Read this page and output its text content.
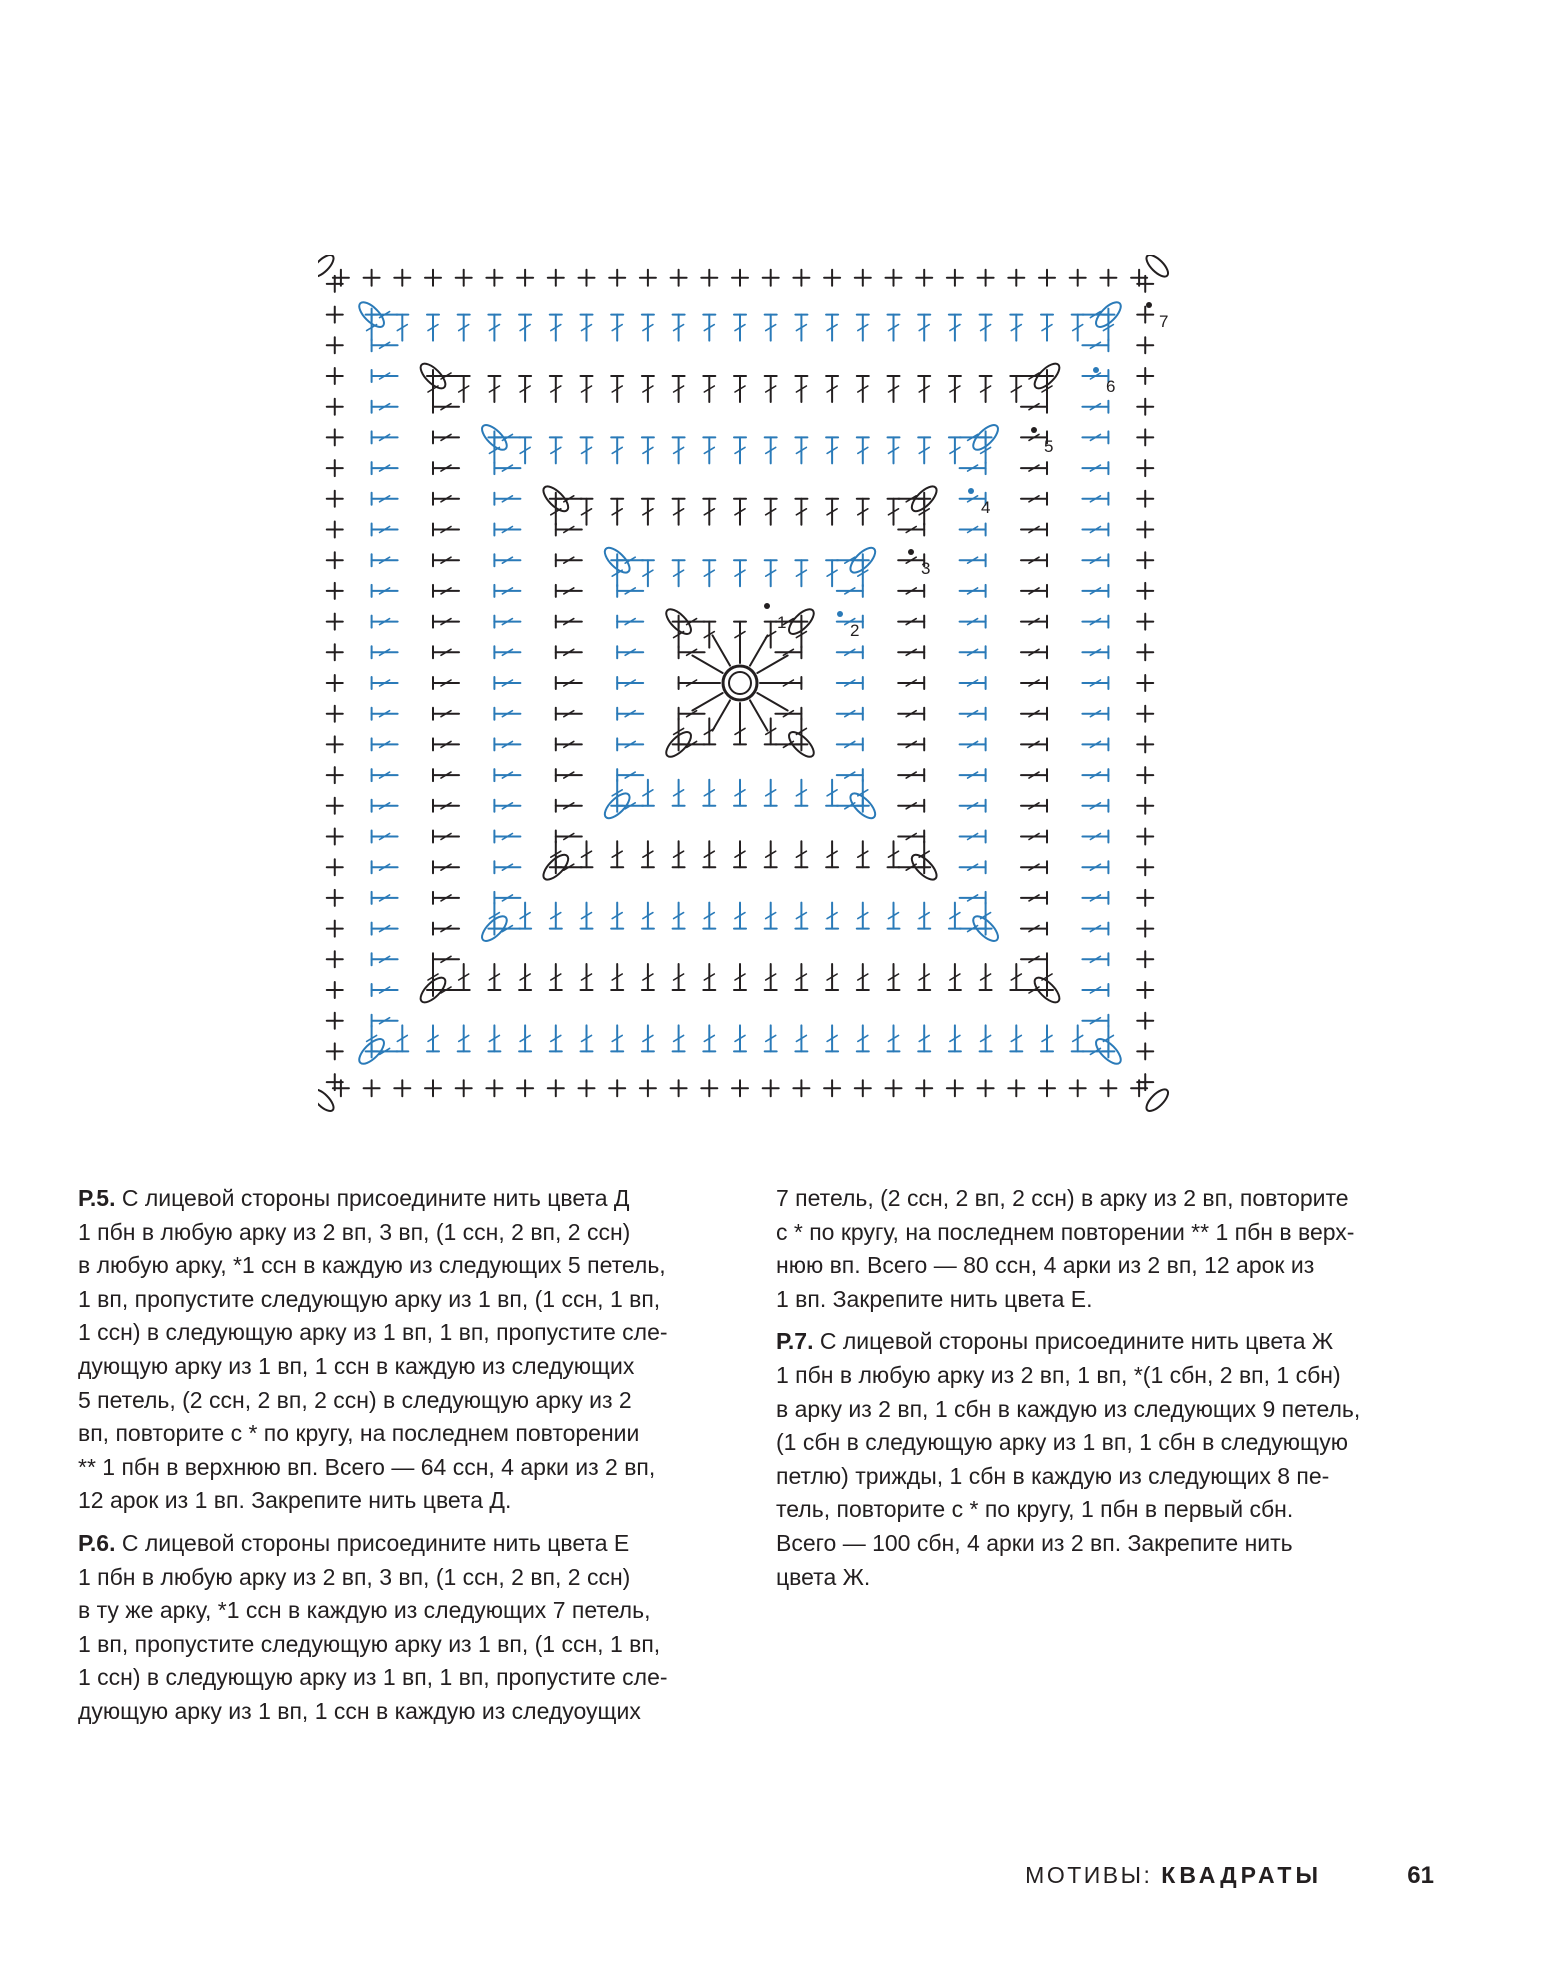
1	2
3
4
5
6
7
Р.5. С лицевой стороны присоедините нить цвета Д
1 пбн в любую арку из 2 вп, 3 вп, (1 ссн, 2 вп, 2 ссн)
в любую арку, *1 ссн в каждую из следующих 5 петель,
1 вп, пропустите следующую арку из 1 вп, (1 ссн, 1 вп,
1 ссн) в следующую арку из 1 вп, 1 вп, пропустите сле-
дующую арку из 1 вп, 1 ссн в каждую из следующих
5 петель, (2 ссн, 2 вп, 2 ссн) в следующую арку из 2
вп, повторите с * по кругу, на последнем повторении
** 1 пбн в верхнюю вп. Всего — 64 ссн, 4 арки из 2 вп,
12 арок из 1 вп. Закрепите нить цвета Д.
Р.6. С лицевой стороны присоедините нить цвета Е
1 пбн в любую арку из 2 вп, 3 вп, (1 ссн, 2 вп, 2 ссн)
в ту же арку, *1 ссн в каждую из следующих 7 петель,
1 вп, пропустите следующую арку из 1 вп, (1 ссн, 1 вп,
1 ссн) в следующую арку из 1 вп, 1 вп, пропустите сле-
дующую арку из 1 вп, 1 ссн в каждую из следуоущих
7 петель, (2 ссн, 2 вп, 2 ссн) в арку из 2 вп, повторите
с * по кругу, на последнем повторении ** 1 пбн в верх-
нюю вп. Всего — 80 ссн, 4 арки из 2 вп, 12 арок из
1 вп. Закрепите нить цвета Е.
Р.7. С лицевой стороны присоедините нить цвета Ж
1 пбн в любую арку из 2 вп, 1 вп, *(1 сбн, 2 вп, 1 сбн)
в арку из 2 вп, 1 сбн в каждую из следующих 9 петель,
(1 сбн в следующую арку из 1 вп, 1 сбн в следующую
петлю) трижды, 1 сбн в каждую из следующих 8 пе-
тель, повторите с * по кругу, 1 пбн в первый сбн.
Всего — 100 сбн, 4 арки из 2 вп. Закрепите нить
цвета Ж.
МОТИВЫ: КВАДРАТЫ	61
